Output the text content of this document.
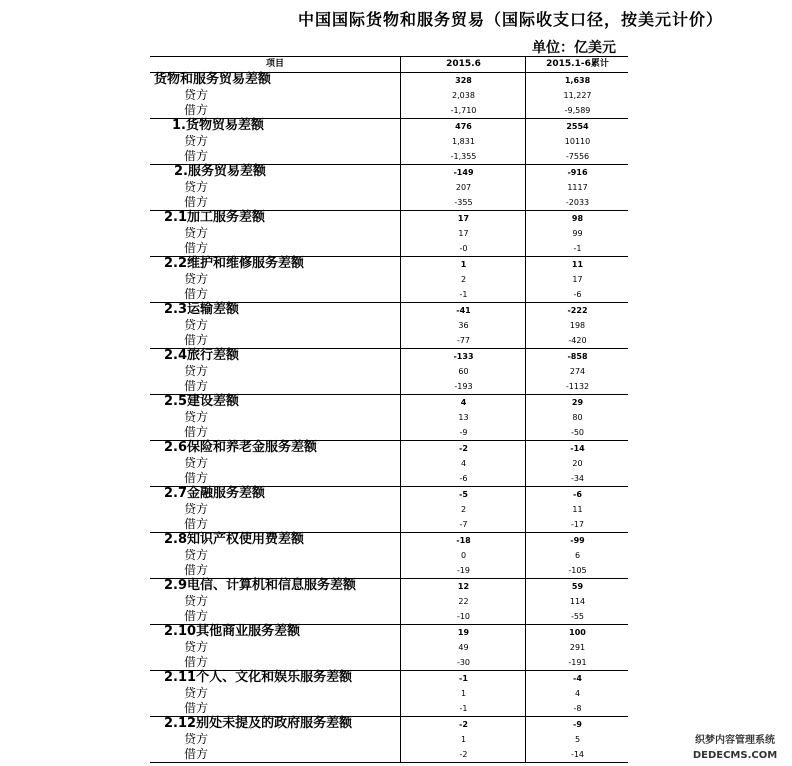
中国国际货物和服务贸易（国际收支口径，按美元计价）
单位：亿美元
项目	2015.6	2015.1-6累计
货物和服务贸易差额	328	1,638
贷方	2,038	11,227
借方	-1,710	-9,589
1.货物贸易差额	476	2554
贷方	1,831	10110
借方	-1,355	-7556
2.服务贸易差额	-149	-916
贷方	207	1117
借方	-355	-2033
2.1加工服务差额	17	98
贷方	17	99
借方	-0	-1
2.2维护和维修服务差额	1	11
贷方	2	17
借方	-1	-6
2.3运输差额	-41	-222
贷方	36	198
借方	-77	-420
2.4旅行差额	-133	-858
贷方	60	274
借方	-193	-1132
2.5建设差额	4	29
贷方	13	80
借方	-9	-50
2.6保险和养老金服务差额	-2	-14
贷方	4	20
借方	-6	-34
2.7金融服务差额	-5	-6
贷方	2	11
借方	-7	-17
2.8知识产权使用费差额	-18	-99
贷方	0	6
借方	-19	-105
2.9电信、计算机和信息服务差额	12	59
贷方	22	114
借方	-10	-55
2.10其他商业服务差额	19	100
贷方	49	291
借方	-30	-191
2.11个人、文化和娱乐服务差额	-1	-4
贷方	1	4
借方	-1	-8
2.12别处未提及的政府服务差额	-2	-9
贷方	1	5
借方	-2	-14
织梦内容管理系统
DEDECMS.COM
